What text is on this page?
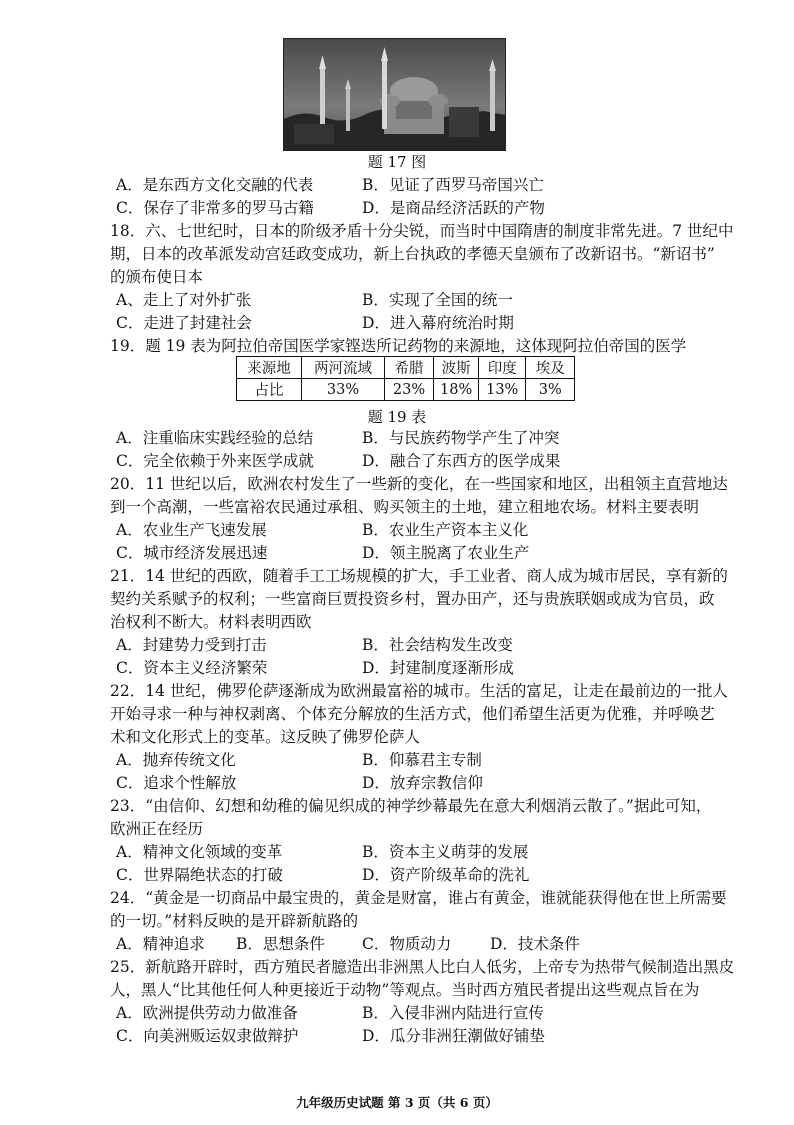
题 17 图
A．是东西方文化交融的代表	B．见证了西罗马帝国兴亡
C．保存了非常多的罗马古籍	D．是商品经济活跃的产物
18．六、七世纪时，日本的阶级矛盾十分尖锐，而当时中国隋唐的制度非常先进。7 世纪中
期，日本的改革派发动宫廷政变成功，新上台执政的孝德天皇颁布了改新诏书。“新诏书”
的颁布使日本
A、走上了对外扩张	B．实现了全国的统一
C．走进了封建社会	D．进入幕府统治时期
19．题 19 表为阿拉伯帝国医学家铿迭所记药物的来源地，这体现阿拉伯帝国的医学
来源地	两河流域	希腊	波斯	印度	埃及
占比	33%	23%	18%	13%	3%
题 19 表
A．注重临床实践经验的总结	B．与民族药物学产生了冲突
C．完全依赖于外来医学成就	D．融合了东西方的医学成果
20．11 世纪以后，欧洲农村发生了一些新的变化，在一些国家和地区，出租领主直营地达
到一个高潮，一些富裕农民通过承租、购买领主的土地，建立租地农场。材料主要表明
A．农业生产飞速发展	B．农业生产资本主义化
C．城市经济发展迅速	D．领主脱离了农业生产
21．14 世纪的西欧，随着手工工场规模的扩大，手工业者、商人成为城市居民，享有新的
契约关系赋予的权利；一些富商巨贾投资乡村，置办田产，还与贵族联姻或成为官员，政
治权利不断大。材料表明西欧
A．封建势力受到打击	B．社会结构发生改变
C．资本主义经济繁荣	D．封建制度逐渐形成
22．14 世纪，佛罗伦萨逐渐成为欧洲最富裕的城市。生活的富足，让走在最前边的一批人
开始寻求一种与神权剥离、个体充分解放的生活方式，他们希望生活更为优雅，并呼唤艺
术和文化形式上的变革。这反映了佛罗伦萨人
A．抛弃传统文化	B．仰慕君主专制
C．追求个性解放	D．放弃宗教信仰
23．“由信仰、幻想和幼稚的偏见织成的神学纱幕最先在意大利烟消云散了。”据此可知，
欧洲正在经历
A．精神文化领域的变革	B．资本主义萌芽的发展
C．世界隔绝状态的打破	D．资产阶级革命的洗礼
24．“黄金是一切商品中最宝贵的，黄金是财富，谁占有黄金，谁就能获得他在世上所需要
的一切。”材料反映的是开辟新航路的
A．精神追求 B．思想条件 C．物质动力 D．技术条件
25．新航路开辟时，西方殖民者臆造出非洲黑人比白人低劣，上帝专为热带气候制造出黑皮
人，黑人“比其他任何人种更接近于动物”等观点。当时西方殖民者提出这些观点旨在为
A．欧洲提供劳动力做准备	B．入侵非洲内陆进行宣传
C．向美洲贩运奴隶做辩护	D．瓜分非洲狂潮做好铺垫
九年级历史试题 第 3 页（共 6 页）
